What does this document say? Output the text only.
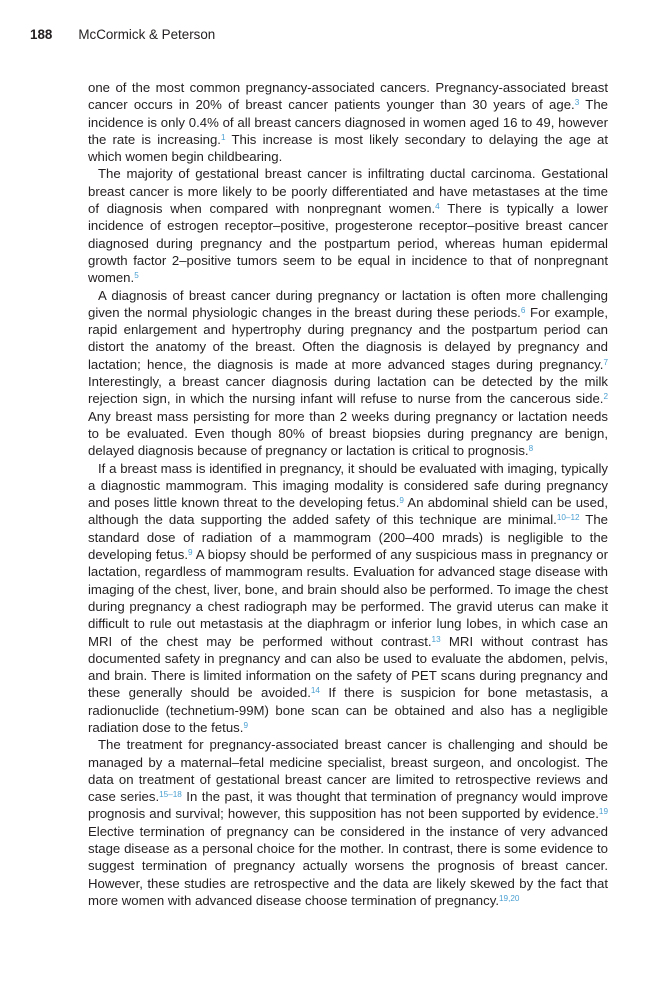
188 McCormick & Peterson

one of the most common pregnancy-associated cancers. Pregnancy-associated breast cancer occurs in 20% of breast cancer patients younger than 30 years of age.$^3$ The incidence is only 0.4% of all breast cancers diagnosed in women aged 16 to 49, however the rate is increasing.$^1$ This increase is most likely secondary to delaying the age at which women begin childbearing.

The majority of gestational breast cancer is infiltrating ductal carcinoma. Gestational breast cancer is more likely to be poorly differentiated and have metastases at the time of diagnosis when compared with nonpregnant women.$^4$ There is typically a lower incidence of estrogen receptor–positive, progesterone receptor–positive breast cancer diagnosed during pregnancy and the postpartum period, whereas human epidermal growth factor 2–positive tumors seem to be equal in incidence to that of nonpregnant women.$^5$

A diagnosis of breast cancer during pregnancy or lactation is often more challenging given the normal physiologic changes in the breast during these periods.$^6$ For example, rapid enlargement and hypertrophy during pregnancy and the postpartum period can distort the anatomy of the breast. Often the diagnosis is delayed by pregnancy and lactation; hence, the diagnosis is made at more advanced stages during pregnancy.$^7$ Interestingly, a breast cancer diagnosis during lactation can be detected by the milk rejection sign, in which the nursing infant will refuse to nurse from the cancerous side.$^2$ Any breast mass persisting for more than 2 weeks during pregnancy or lactation needs to be evaluated. Even though 80% of breast biopsies during pregnancy are benign, delayed diagnosis because of pregnancy or lactation is critical to prognosis.$^8$

If a breast mass is identified in pregnancy, it should be evaluated with imaging, typically a diagnostic mammogram. This imaging modality is considered safe during pregnancy and poses little known threat to the developing fetus.$^9$ An abdominal shield can be used, although the data supporting the added safety of this technique are minimal.$^{10-12}$ The standard dose of radiation of a mammogram (200–400 mrads) is negligible to the developing fetus.$^9$ A biopsy should be performed of any suspicious mass in pregnancy or lactation, regardless of mammogram results. Evaluation for advanced stage disease with imaging of the chest, liver, bone, and brain should also be performed. To image the chest during pregnancy a chest radiograph may be performed. The gravid uterus can make it difficult to rule out metastasis at the diaphragm or inferior lung lobes, in which case an MRI of the chest may be performed without contrast.$^{13}$ MRI without contrast has documented safety in pregnancy and can also be used to evaluate the abdomen, pelvis, and brain. There is limited information on the safety of PET scans during pregnancy and these generally should be avoided.$^{14}$ If there is suspicion for bone metastasis, a radionuclide (technetium-99M) bone scan can be obtained and also has a negligible radiation dose to the fetus.$^9$

The treatment for pregnancy-associated breast cancer is challenging and should be managed by a maternal–fetal medicine specialist, breast surgeon, and oncologist. The data on treatment of gestational breast cancer are limited to retrospective reviews and case series.$^{15-18}$ In the past, it was thought that termination of pregnancy would improve prognosis and survival; however, this supposition has not been supported by evidence.$^{19}$ Elective termination of pregnancy can be considered in the instance of very advanced stage disease as a personal choice for the mother. In contrast, there is some evidence to suggest termination of pregnancy actually worsens the prognosis of breast cancer. However, these studies are retrospective and the data are likely skewed by the fact that more women with advanced disease choose termination of pregnancy.$^{19,20}$
